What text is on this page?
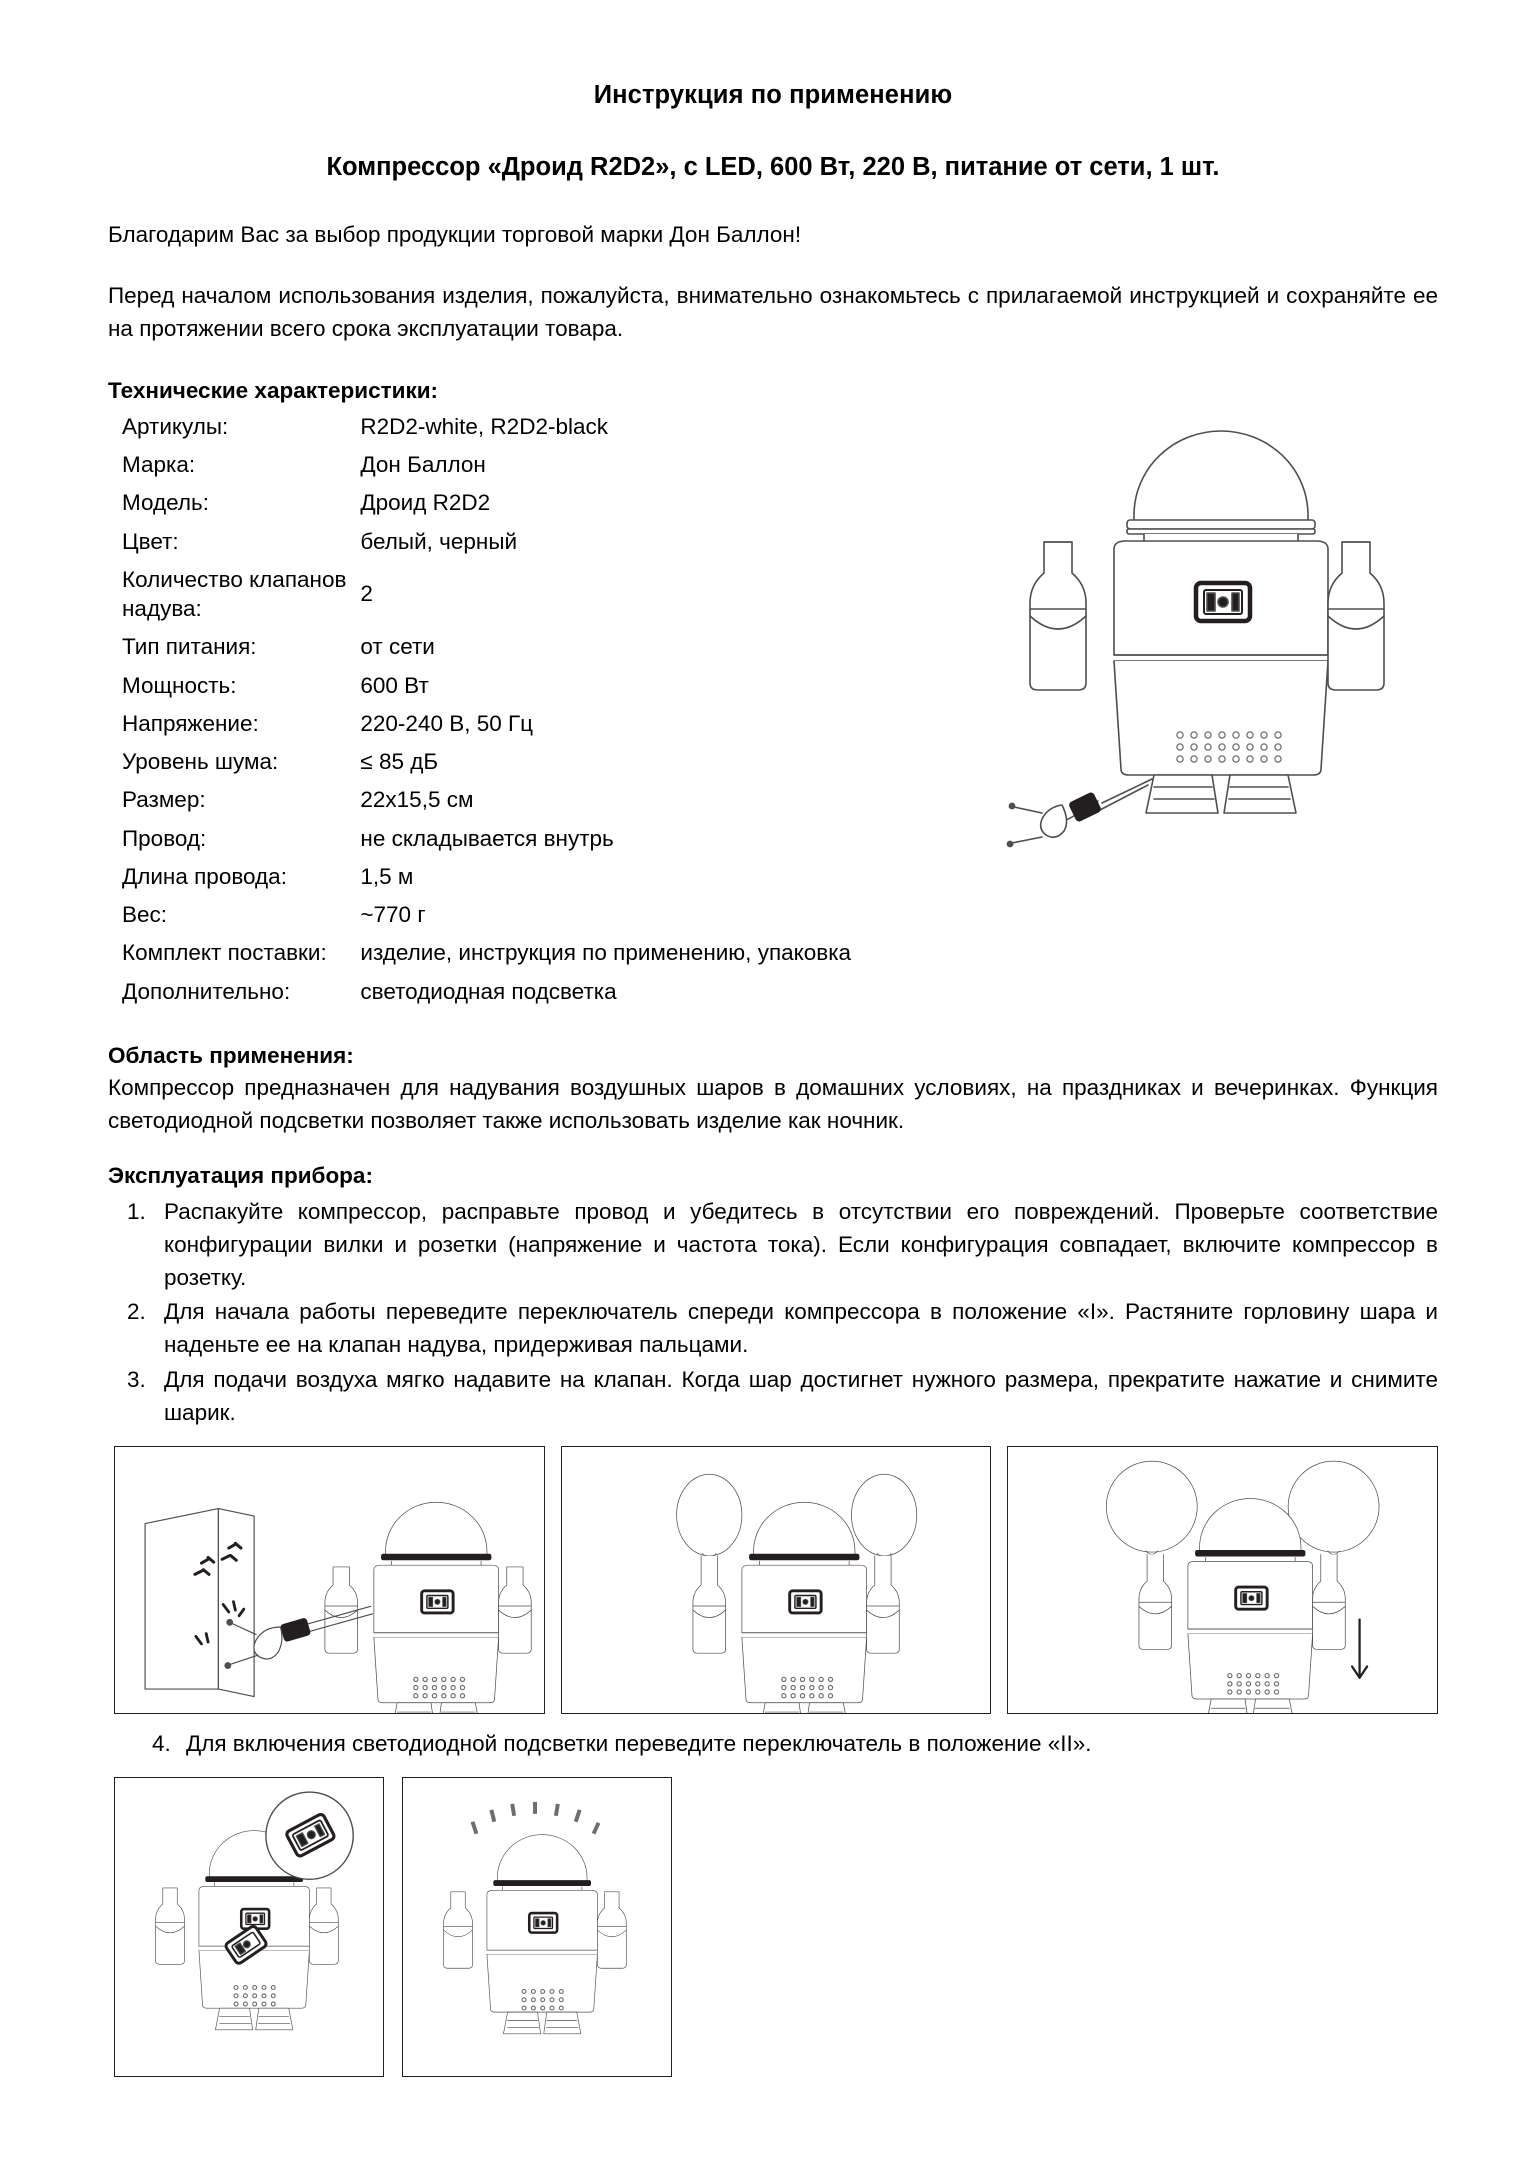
Инструкция по применению
Компрессор «Дроид R2D2», с LED, 600 Вт, 220 В, питание от сети, 1 шт.

Благодарим Вас за выбор продукции торговой марки Дон Баллон!

Перед началом использования изделия, пожалуйста, внимательно ознакомьтесь с прилагаемой инструкцией и сохраняйте ее на протяжении всего срока эксплуатации товара.

Технические характеристики:
Артикулы:	R2D2-white, R2D2-black
Марка:	Дон Баллон
Модель:	Дроид R2D2
Цвет:	белый, черный
Количество клапанов надува:	2
Тип питания:	от сети
Мощность:	600 Вт
Напряжение:	220-240 В, 50 Гц
Уровень шума:	≤ 85 дБ
Размер:	22х15,5 см
Провод:	не складывается внутрь
Длина провода:	1,5 м
Вес:	~770 г
Комплект поставки:	изделие, инструкция по применению, упаковка
Дополнительно:	светодиодная подсветка
Область применения:

Компрессор предназначен для надувания воздушных шаров в домашних условиях, на праздниках и вечеринках. Функция светодиодной подсветки позволяет также использовать изделие как ночник.

Эксплуатация прибора:
1. Распакуйте компрессор, расправьте провод и убедитесь в отсутствии его повреждений. Проверьте соответствие конфигурации вилки и розетки (напряжение и частота тока). Если конфигурация совпадает, включите компрессор в розетку.
2. Для начала работы переведите переключатель спереди компрессора в положение «I». Растяните горловину шара и наденьте ее на клапан надува, придерживая пальцами.
3. Для подачи воздуха мягко надавите на клапан. Когда шар достигнет нужного размера, прекратите нажатие и снимите шарик.
4. Для включения светодиодной подсветки переведите переключатель в положение «II».
